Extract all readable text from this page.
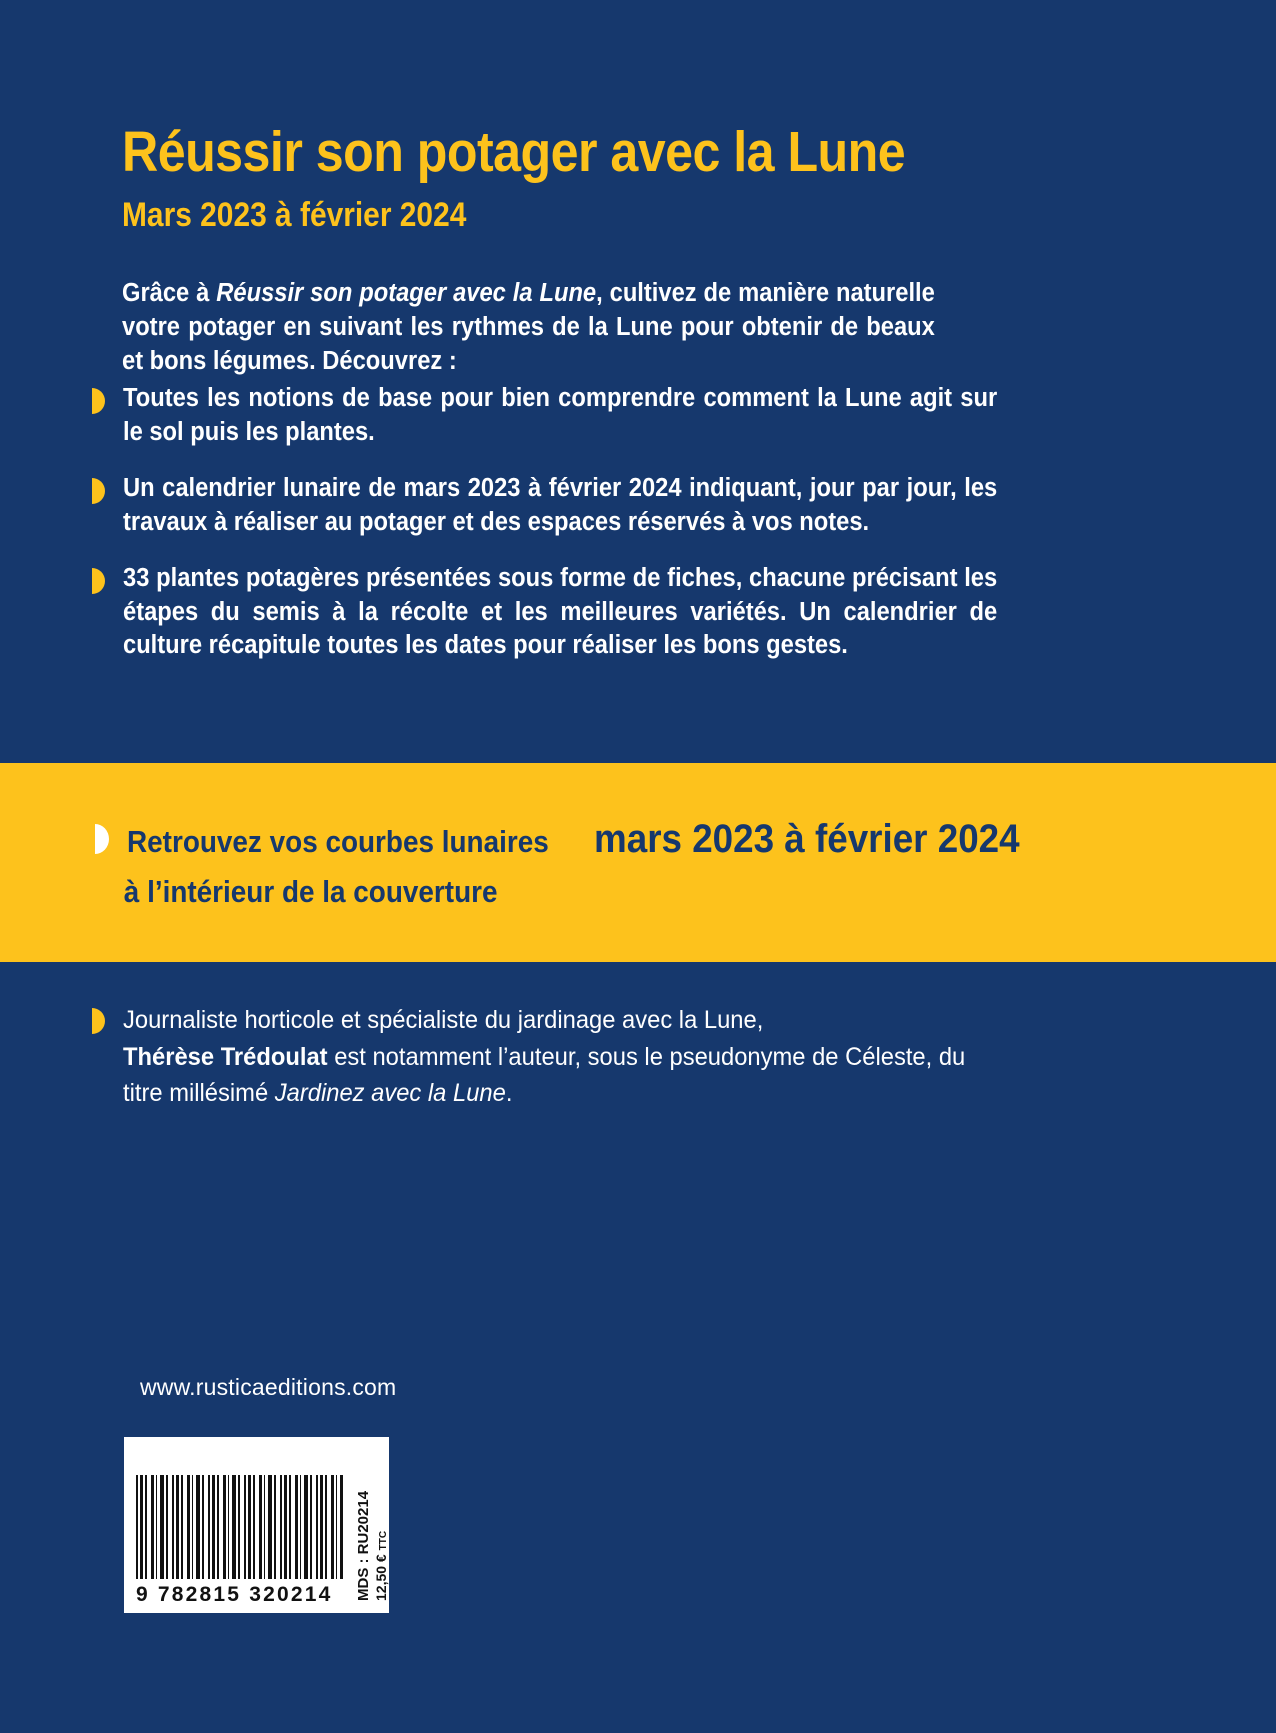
Réussir son potager avec la Lune
Mars 2023 à février 2024
Grâce à Réussir son potager avec la Lune, cultivez de manière naturelle votre potager en suivant les rythmes de la Lune pour obtenir de beaux et bons légumes. Découvrez :
Toutes les notions de base pour bien comprendre comment la Lune agit sur le sol puis les plantes.
Un calendrier lunaire de mars 2023 à février 2024 indiquant, jour par jour, les travaux à réaliser au potager et des espaces réservés à vos notes.
33 plantes potagères présentées sous forme de fiches, chacune précisant les étapes du semis à la récolte et les meilleures variétés. Un calendrier de culture récapitule toutes les dates pour réaliser les bons gestes.
Retrouvez vos courbes lunaires mars 2023 à février 2024
à l’intérieur de la couverture
Journaliste horticole et spécialiste du jardinage avec la Lune,
Thérèse Trédoulat est notamment l’auteur, sous le pseudonyme de Céleste, du titre millésimé Jardinez avec la Lune.
www.rusticaeditions.com
9 782815 320214	MDS : RU20214 12,50 € TTC
